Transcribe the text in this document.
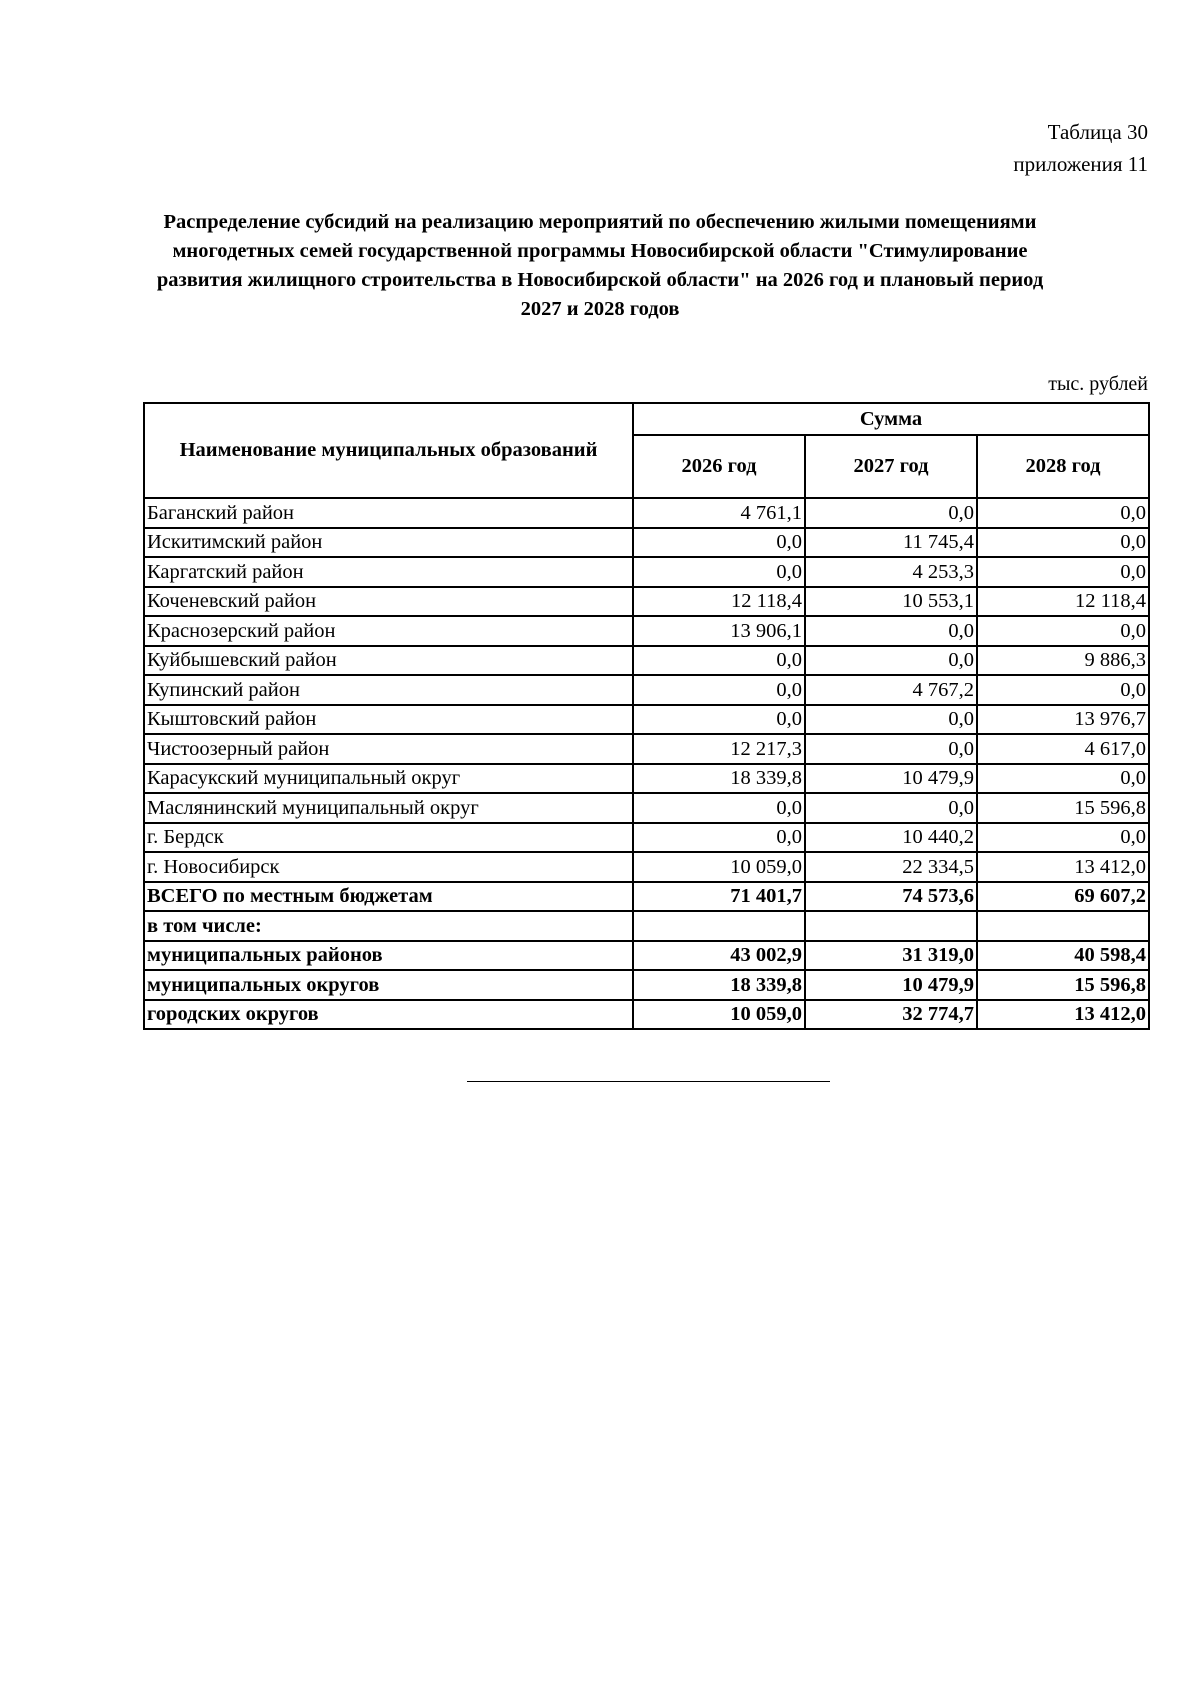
Таблица 30
приложения 11
Распределение субсидий на реализацию мероприятий по обеспечению жилыми помещениями многодетных семей государственной программы Новосибирской области "Стимулирование развития жилищного строительства в Новосибирской области" на 2026 год и плановый период 2027 и 2028 годов
тыс. рублей
Наименование муниципальных образований	Сумма		
	2026 год	2027 год	2028 год
Баганский район	4 761,1	0,0	0,0
Искитимский район	0,0	11 745,4	0,0
Каргатский район	0,0	4 253,3	0,0
Коченевский район	12 118,4	10 553,1	12 118,4
Краснозерский район	13 906,1	0,0	0,0
Куйбышевский район	0,0	0,0	9 886,3
Купинский район	0,0	4 767,2	0,0
Кыштовский район	0,0	0,0	13 976,7
Чистоозерный район	12 217,3	0,0	4 617,0
Карасукский муниципальный округ	18 339,8	10 479,9	0,0
Маслянинский муниципальный округ	0,0	0,0	15 596,8
г. Бердск	0,0	10 440,2	0,0
г. Новосибирск	10 059,0	22 334,5	13 412,0
ВСЕГО по местным бюджетам	71 401,7	74 573,6	69 607,2
в том числе:			
муниципальных районов	43 002,9	31 319,0	40 598,4
муниципальных округов	18 339,8	10 479,9	15 596,8
городских округов	10 059,0	32 774,7	13 412,0
